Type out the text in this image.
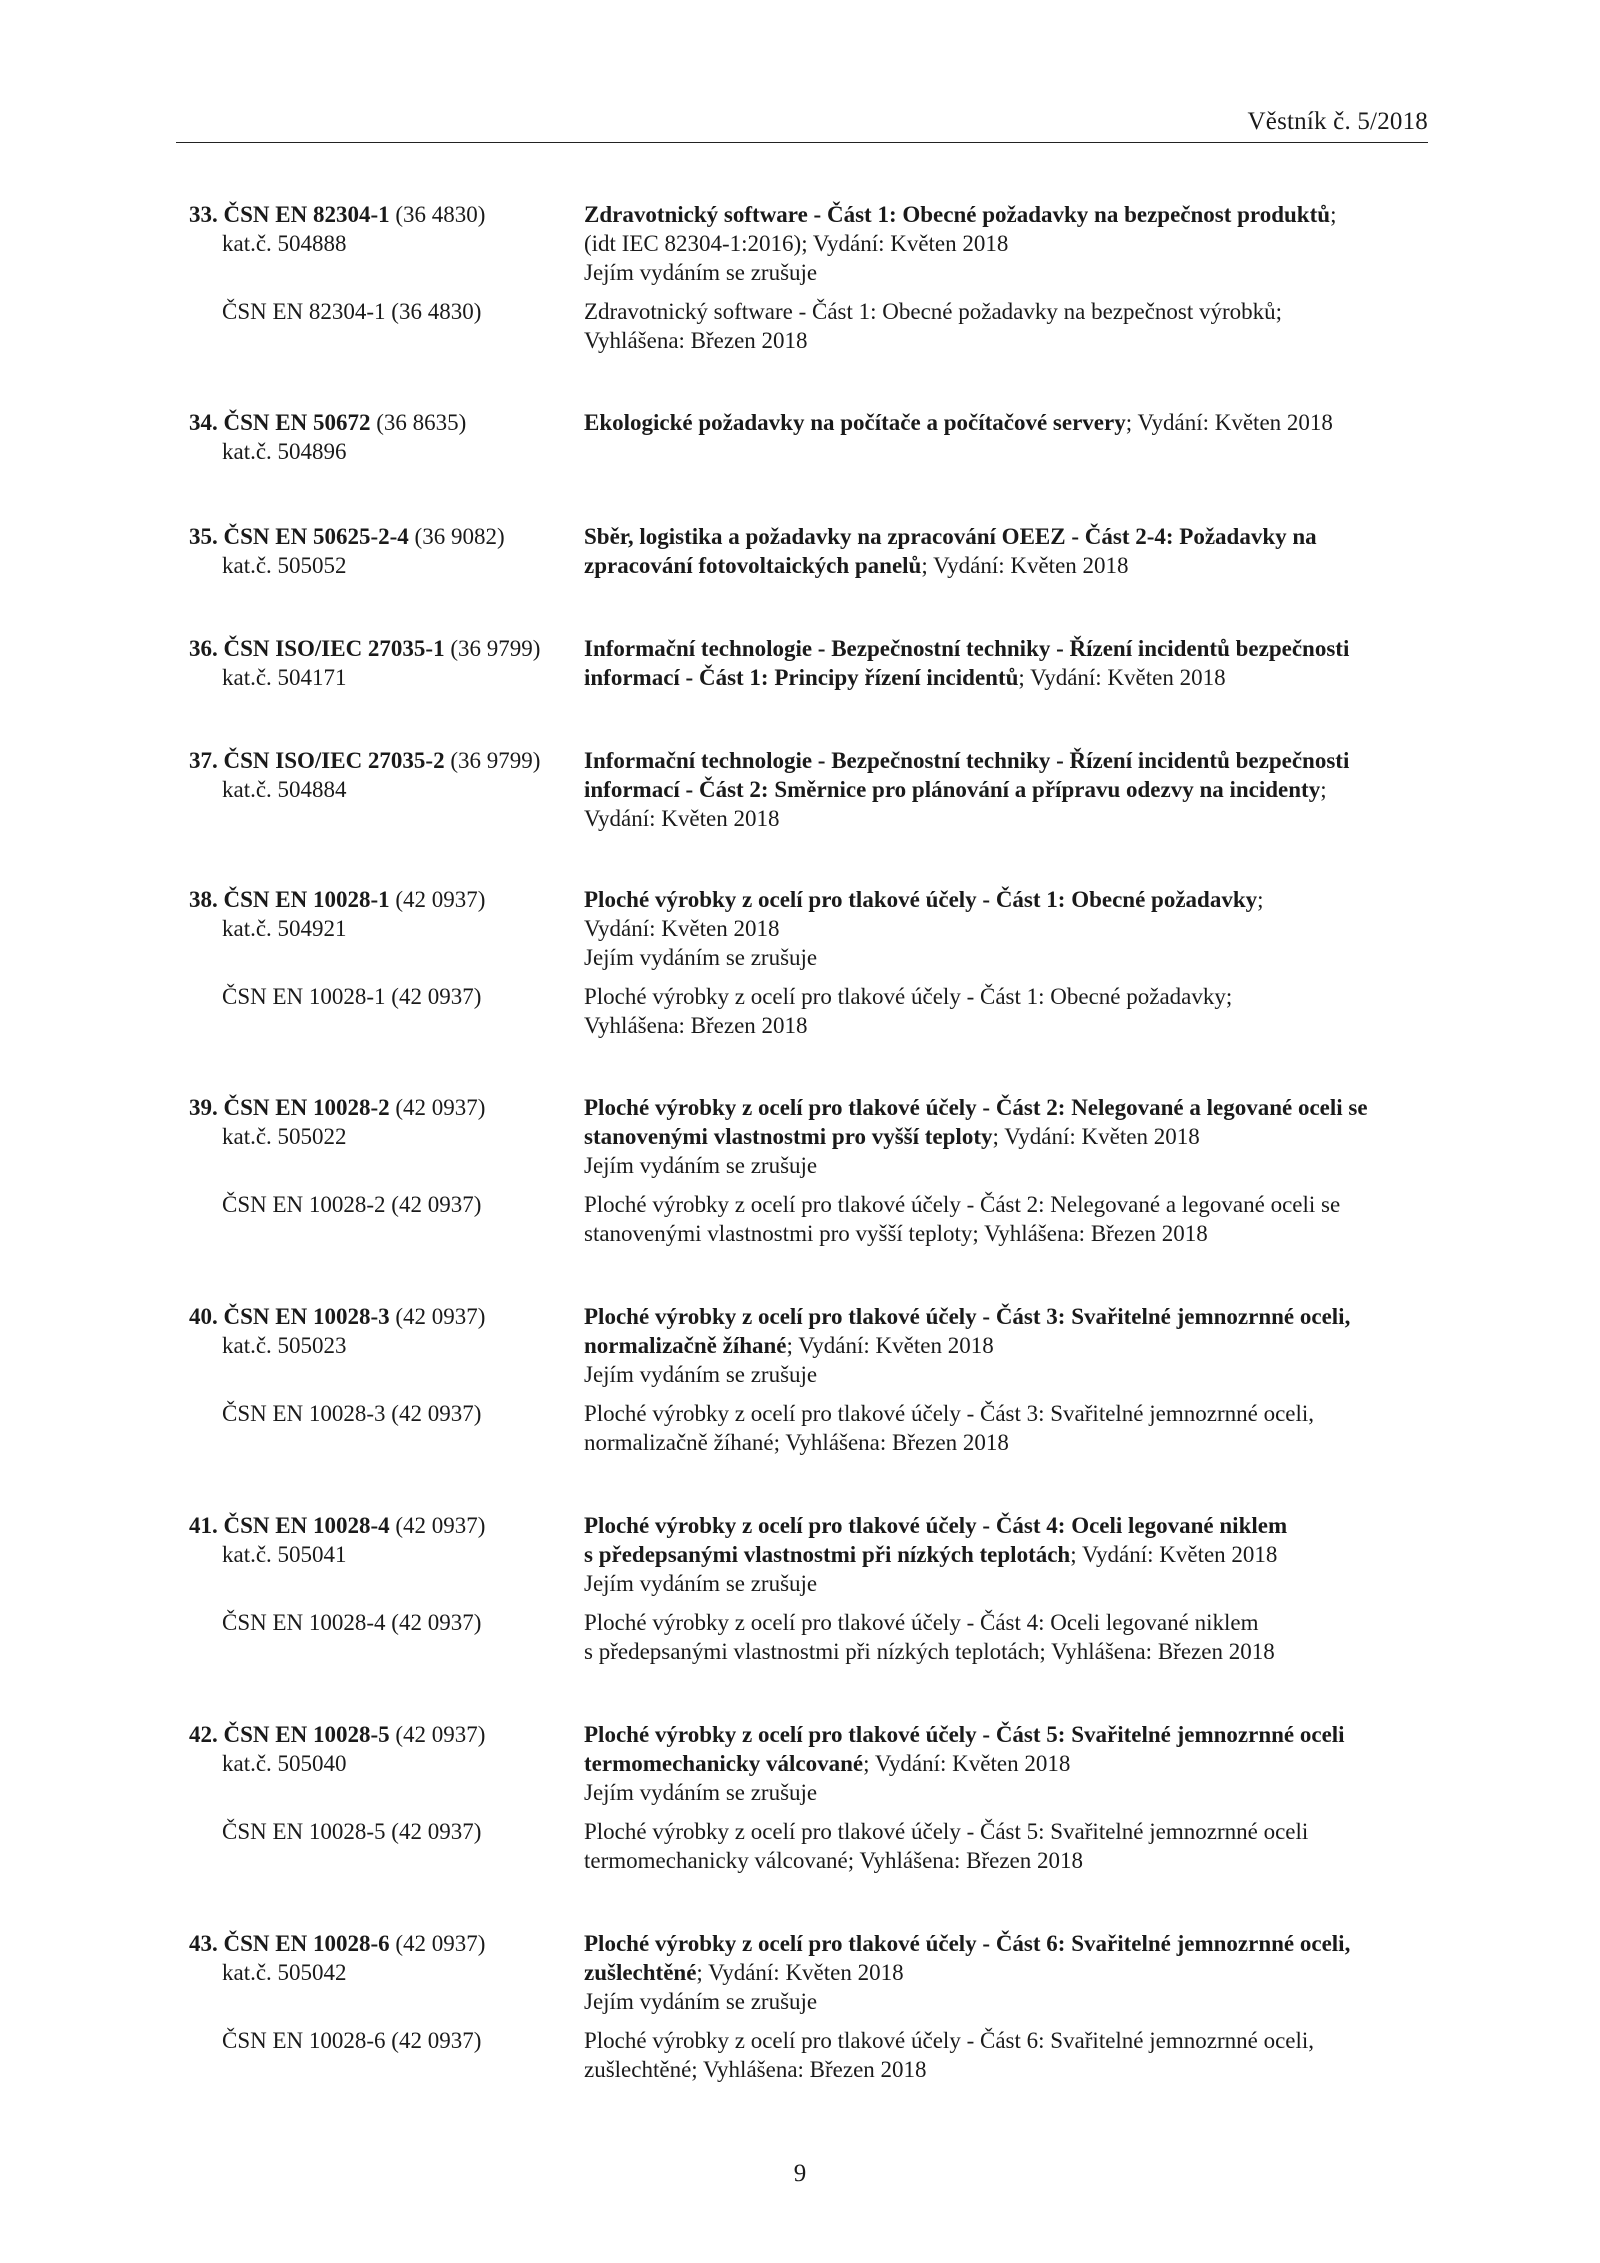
Věstník č. 5/2018
33. ČSN EN 82304-1 (36 4830)	Zdravotnický software - Část 1: Obecné požadavky na bezpečnost produktů;
kat.č. 504888	(idt IEC 82304-1:2016); Vydání: Květen 2018
Jejím vydáním se zrušuje
ČSN EN 82304-1 (36 4830)	Zdravotnický software - Část 1: Obecné požadavky na bezpečnost výrobků;
Vyhlášena: Březen 2018
34. ČSN EN 50672 (36 8635)	Ekologické požadavky na počítače a počítačové servery; Vydání: Květen 2018
kat.č. 504896
35. ČSN EN 50625-2-4 (36 9082)	Sběr, logistika a požadavky na zpracování OEEZ - Část 2-4: Požadavky na
kat.č. 505052	zpracování fotovoltaických panelů; Vydání: Květen 2018
36. ČSN ISO/IEC 27035-1 (36 9799) Informační technologie - Bezpečnostní techniky - Řízení incidentů bezpečnosti
kat.č. 504171	informací - Část 1: Principy řízení incidentů; Vydání: Květen 2018
37. ČSN ISO/IEC 27035-2 (36 9799) Informační technologie - Bezpečnostní techniky - Řízení incidentů bezpečnosti
kat.č. 504884	informací - Část 2: Směrnice pro plánování a přípravu odezvy na incidenty;
Vydání: Květen 2018
38. ČSN EN 10028-1 (42 0937)	Ploché výrobky z ocelí pro tlakové účely - Část 1: Obecné požadavky;
kat.č. 504921	Vydání: Květen 2018
Jejím vydáním se zrušuje
ČSN EN 10028-1 (42 0937)	Ploché výrobky z ocelí pro tlakové účely - Část 1: Obecné požadavky;
Vyhlášena: Březen 2018
39. ČSN EN 10028-2 (42 0937)	Ploché výrobky z ocelí pro tlakové účely - Část 2: Nelegované a legované oceli se
kat.č. 505022	stanovenými vlastnostmi pro vyšší teploty; Vydání: Květen 2018
Jejím vydáním se zrušuje
ČSN EN 10028-2 (42 0937)	Ploché výrobky z ocelí pro tlakové účely - Část 2: Nelegované a legované oceli se
stanovenými vlastnostmi pro vyšší teploty; Vyhlášena: Březen 2018
40. ČSN EN 10028-3 (42 0937)	Ploché výrobky z ocelí pro tlakové účely - Část 3: Svařitelné jemnozrnné oceli,
kat.č. 505023	normalizačně žíhané; Vydání: Květen 2018
Jejím vydáním se zrušuje
ČSN EN 10028-3 (42 0937)	Ploché výrobky z ocelí pro tlakové účely - Část 3: Svařitelné jemnozrnné oceli,
normalizačně žíhané; Vyhlášena: Březen 2018
41. ČSN EN 10028-4 (42 0937)	Ploché výrobky z ocelí pro tlakové účely - Část 4: Oceli legované niklem
kat.č. 505041	s předepsanými vlastnostmi při nízkých teplotách; Vydání: Květen 2018
Jejím vydáním se zrušuje
ČSN EN 10028-4 (42 0937)	Ploché výrobky z ocelí pro tlakové účely - Část 4: Oceli legované niklem
s předepsanými vlastnostmi při nízkých teplotách; Vyhlášena: Březen 2018
42. ČSN EN 10028-5 (42 0937)	Ploché výrobky z ocelí pro tlakové účely - Část 5: Svařitelné jemnozrnné oceli
kat.č. 505040	termomechanicky válcované; Vydání: Květen 2018
Jejím vydáním se zrušuje
ČSN EN 10028-5 (42 0937)	Ploché výrobky z ocelí pro tlakové účely - Část 5: Svařitelné jemnozrnné oceli
termomechanicky válcované; Vyhlášena: Březen 2018
43. ČSN EN 10028-6 (42 0937)	Ploché výrobky z ocelí pro tlakové účely - Část 6: Svařitelné jemnozrnné oceli,
kat.č. 505042	zušlechtěné; Vydání: Květen 2018
Jejím vydáním se zrušuje
ČSN EN 10028-6 (42 0937)	Ploché výrobky z ocelí pro tlakové účely - Část 6: Svařitelné jemnozrnné oceli,
zušlechtěné; Vyhlášena: Březen 2018
9
